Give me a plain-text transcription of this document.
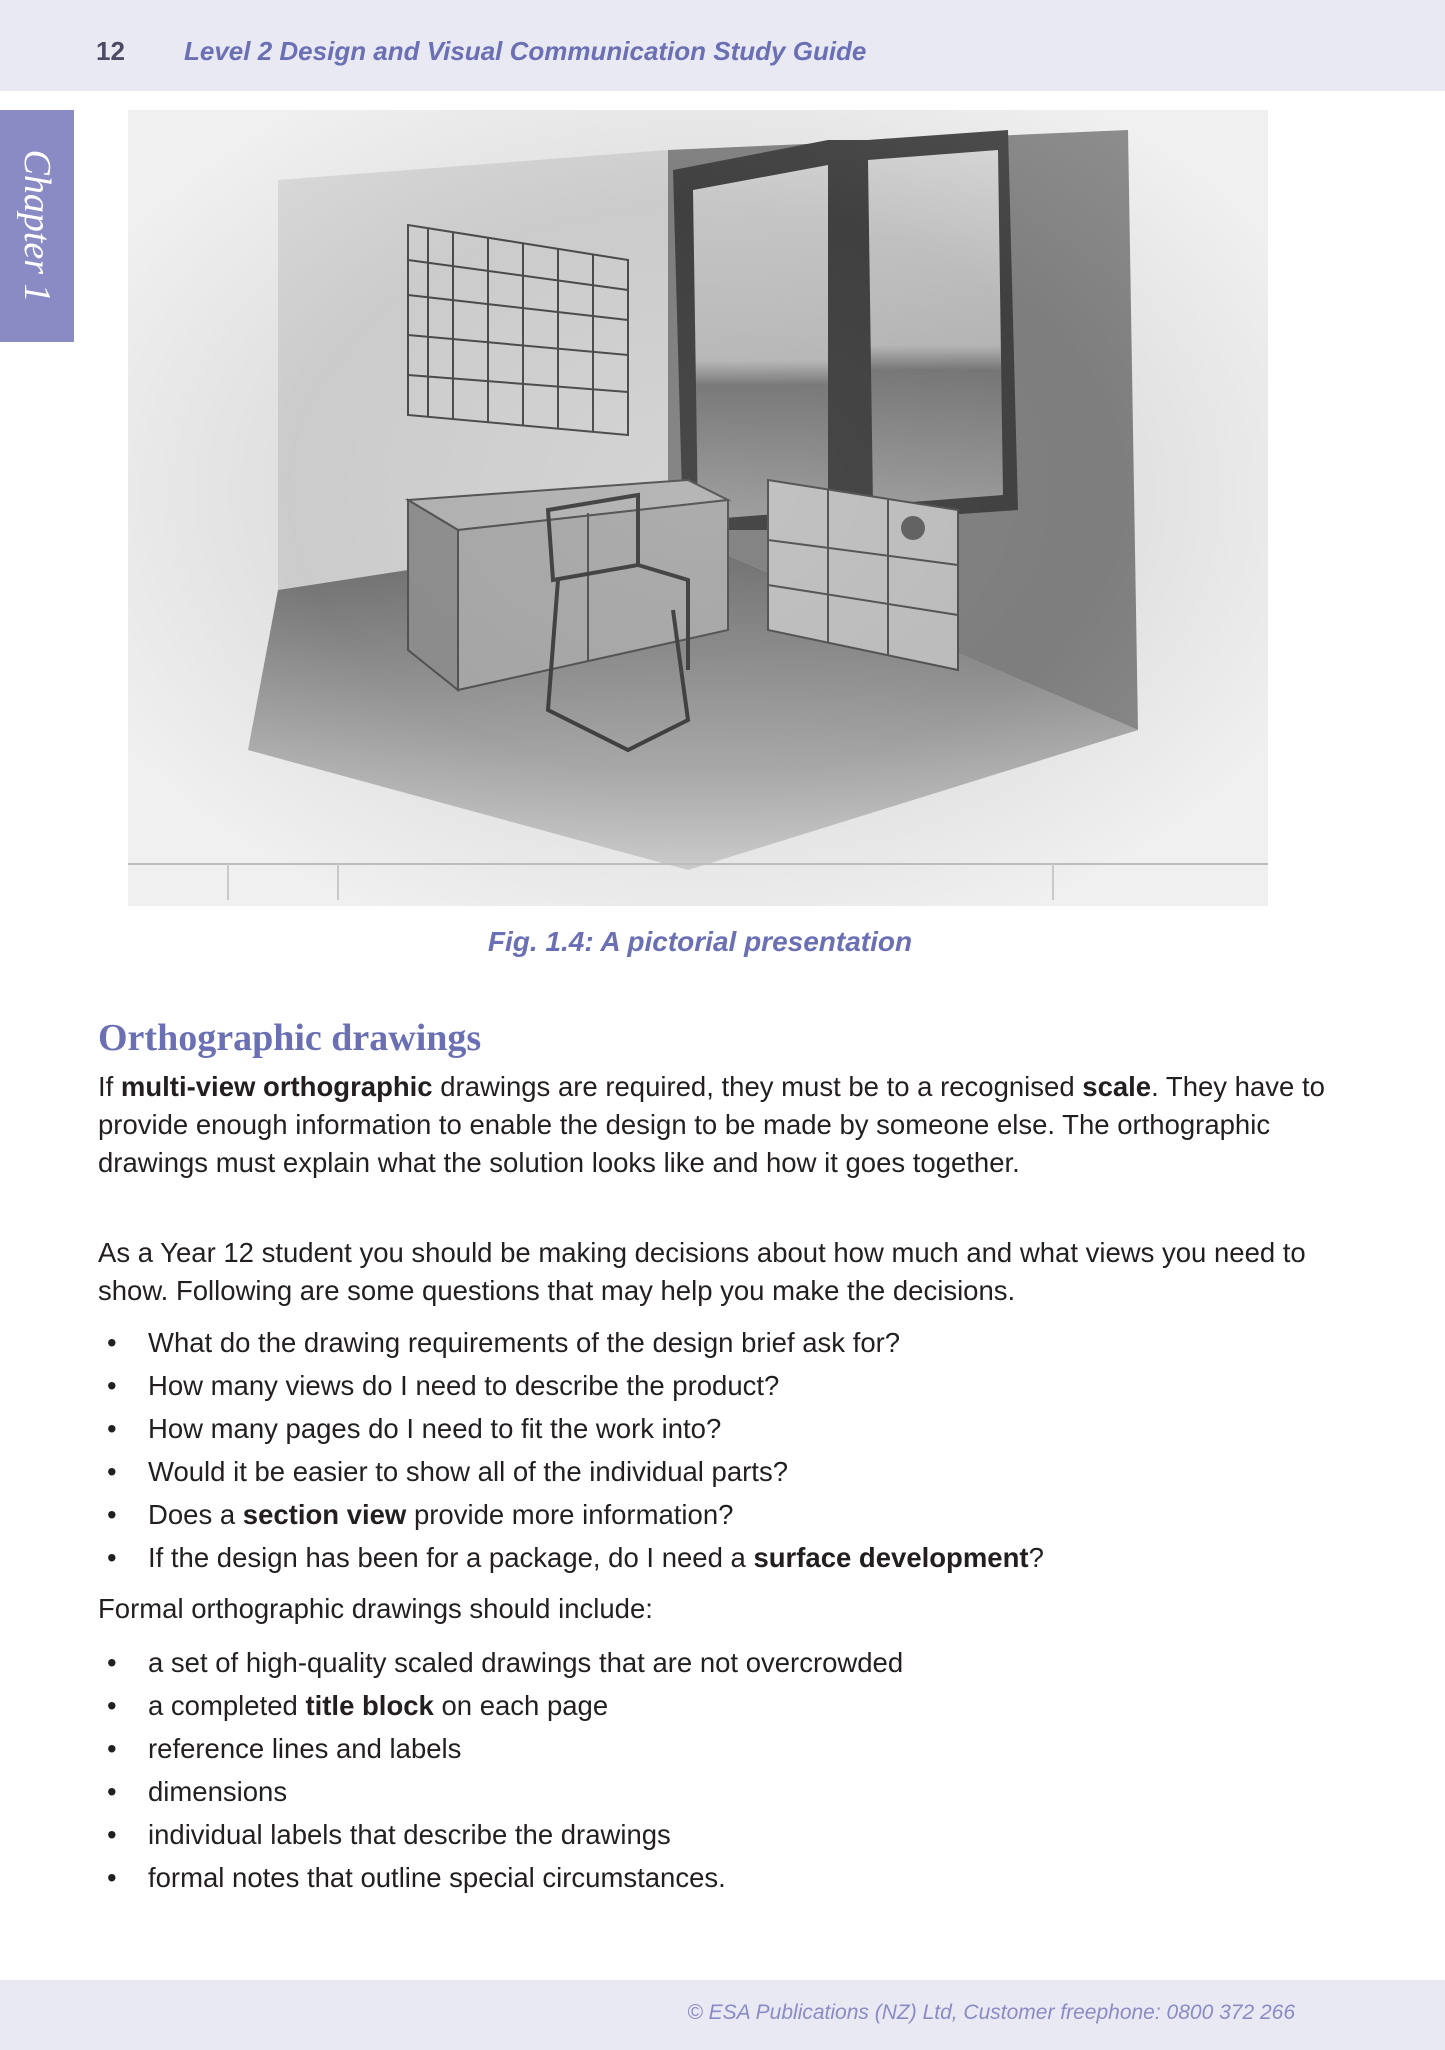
12 Level 2 Design and Visual Communication Study Guide
Chapter 1
Fig. 1.4: A pictorial presentation
Orthographic drawings

If multi-view orthographic drawings are required, they must be to a recognised scale. They have to provide enough information to enable the design to be made by someone else. The orthographic drawings must explain what the solution looks like and how it goes together.

As a Year 12 student you should be making decisions about how much and what views you need to show. Following are some questions that may help you make the decisions.

• What do the drawing requirements of the design brief ask for?
• How many views do I need to describe the product?
• How many pages do I need to fit the work into?
• Would it be easier to show all of the individual parts?
• Does a section view provide more information?
• If the design has been for a package, do I need a surface development?

Formal orthographic drawings should include:

• a set of high-quality scaled drawings that are not overcrowded
• a completed title block on each page
• reference lines and labels
• dimensions
• individual labels that describe the drawings
• formal notes that outline special circumstances.
© ESA Publications (NZ) Ltd, Customer freephone: 0800 372 266
